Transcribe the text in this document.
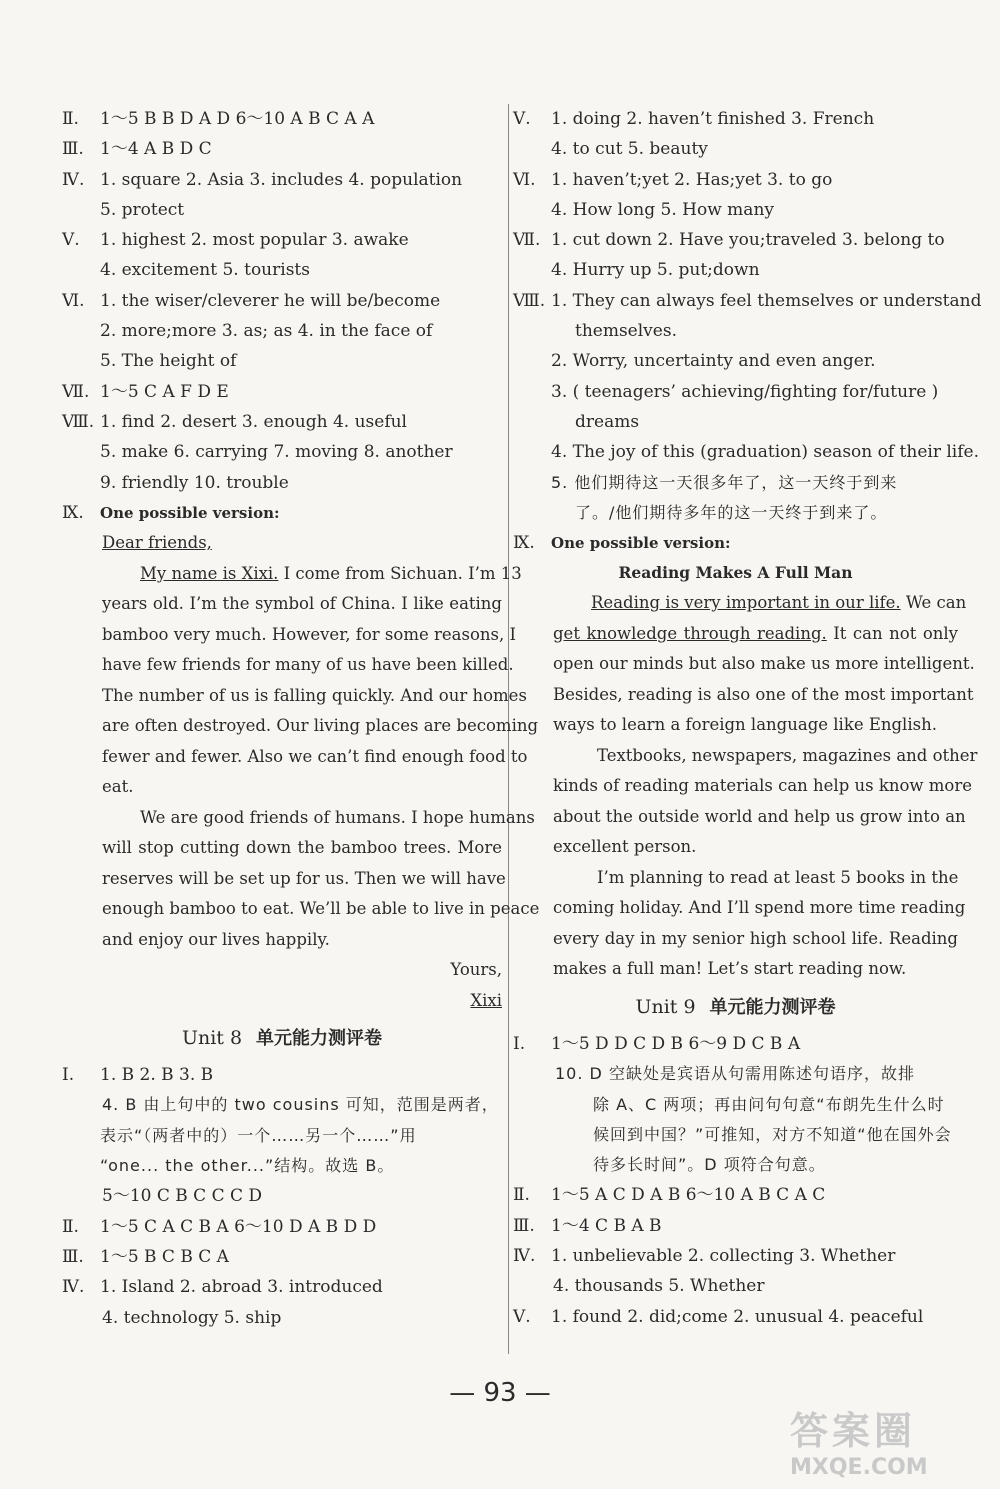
Ⅱ. 1～5 B B D A D 6～10 A B C A A
Ⅲ. 1～4 A B D C
Ⅳ. 1. square 2. Asia 3. includes 4. population
5. protect
Ⅴ. 1. highest 2. most popular 3. awake
4. excitement 5. tourists
Ⅵ. 1. the wiser/cleverer he will be/become
2. more;more 3. as; as 4. in the face of
5. The height of
Ⅶ. 1～5 C A F D E
Ⅷ. 1. find 2. desert 3. enough 4. useful
5. make 6. carrying 7. moving 8. another
9. friendly 10. trouble
Ⅸ. One possible version:
Dear friends,
My name is Xixi. I come from Sichuan. I’m 13
years old. I’m the symbol of China. I like eating
bamboo very much. However, for some reasons, I
have few friends for many of us have been killed.
The number of us is falling quickly. And our homes
are often destroyed. Our living places are becoming
fewer and fewer. Also we can’t find enough food to
eat.
We are good friends of humans. I hope humans
will stop cutting down the bamboo trees. More
reserves will be set up for us. Then we will have
enough bamboo to eat. We’ll be able to live in peace
and enjoy our lives happily.
Yours,
Xixi
Unit 8 单元能力测评卷
Ⅰ. 1. B 2. B 3. B
4. B 由上句中的 two cousins 可知，范围是两者，
表示“（两者中的）一个……另一个……”用
“one... the other...”结构。故选 B。
5～10 C B C C C D
Ⅱ. 1～5 C A C B A 6～10 D A B D D
Ⅲ. 1～5 B C B C A
Ⅳ. 1. Island 2. abroad 3. introduced
4. technology 5. ship
Ⅴ. 1. doing 2. haven’t finished 3. French
4. to cut 5. beauty
Ⅵ. 1. haven’t;yet 2. Has;yet 3. to go
4. How long 5. How many
Ⅶ. 1. cut down 2. Have you;traveled 3. belong to
4. Hurry up 5. put;down
Ⅷ. 1. They can always feel themselves or understand
themselves.
2. Worry, uncertainty and even anger.
3. ( teenagers’ achieving/fighting for/future )
dreams
4. The joy of this (graduation) season of their life.
5. 他们期待这一天很多年了，这一天终于到来
了。/他们期待多年的这一天终于到来了。
Ⅸ. One possible version:
Reading Makes A Full Man
Reading is very important in our life. We can
get knowledge through reading. It can not only
open our minds but also make us more intelligent.
Besides, reading is also one of the most important
ways to learn a foreign language like English.
Textbooks, newspapers, magazines and other
kinds of reading materials can help us know more
about the outside world and help us grow into an
excellent person.
I’m planning to read at least 5 books in the
coming holiday. And I’ll spend more time reading
every day in my senior high school life. Reading
makes a full man! Let’s start reading now.
Unit 9 单元能力测评卷
Ⅰ. 1～5 D D C D B 6～9 D C B A
10. D 空缺处是宾语从句需用陈述句语序，故排
除 A、C 两项；再由问句句意“布朗先生什么时
候回到中国？”可推知，对方不知道“他在国外会
待多长时间”。D 项符合句意。
Ⅱ. 1～5 A C D A B 6～10 A B C A C
Ⅲ. 1～4 C B A B
Ⅳ. 1. unbelievable 2. collecting 3. Whether
4. thousands 5. Whether
Ⅴ. 1. found 2. did;come 2. unusual 4. peaceful
— 93 —
答案圈
MXQE.COM
